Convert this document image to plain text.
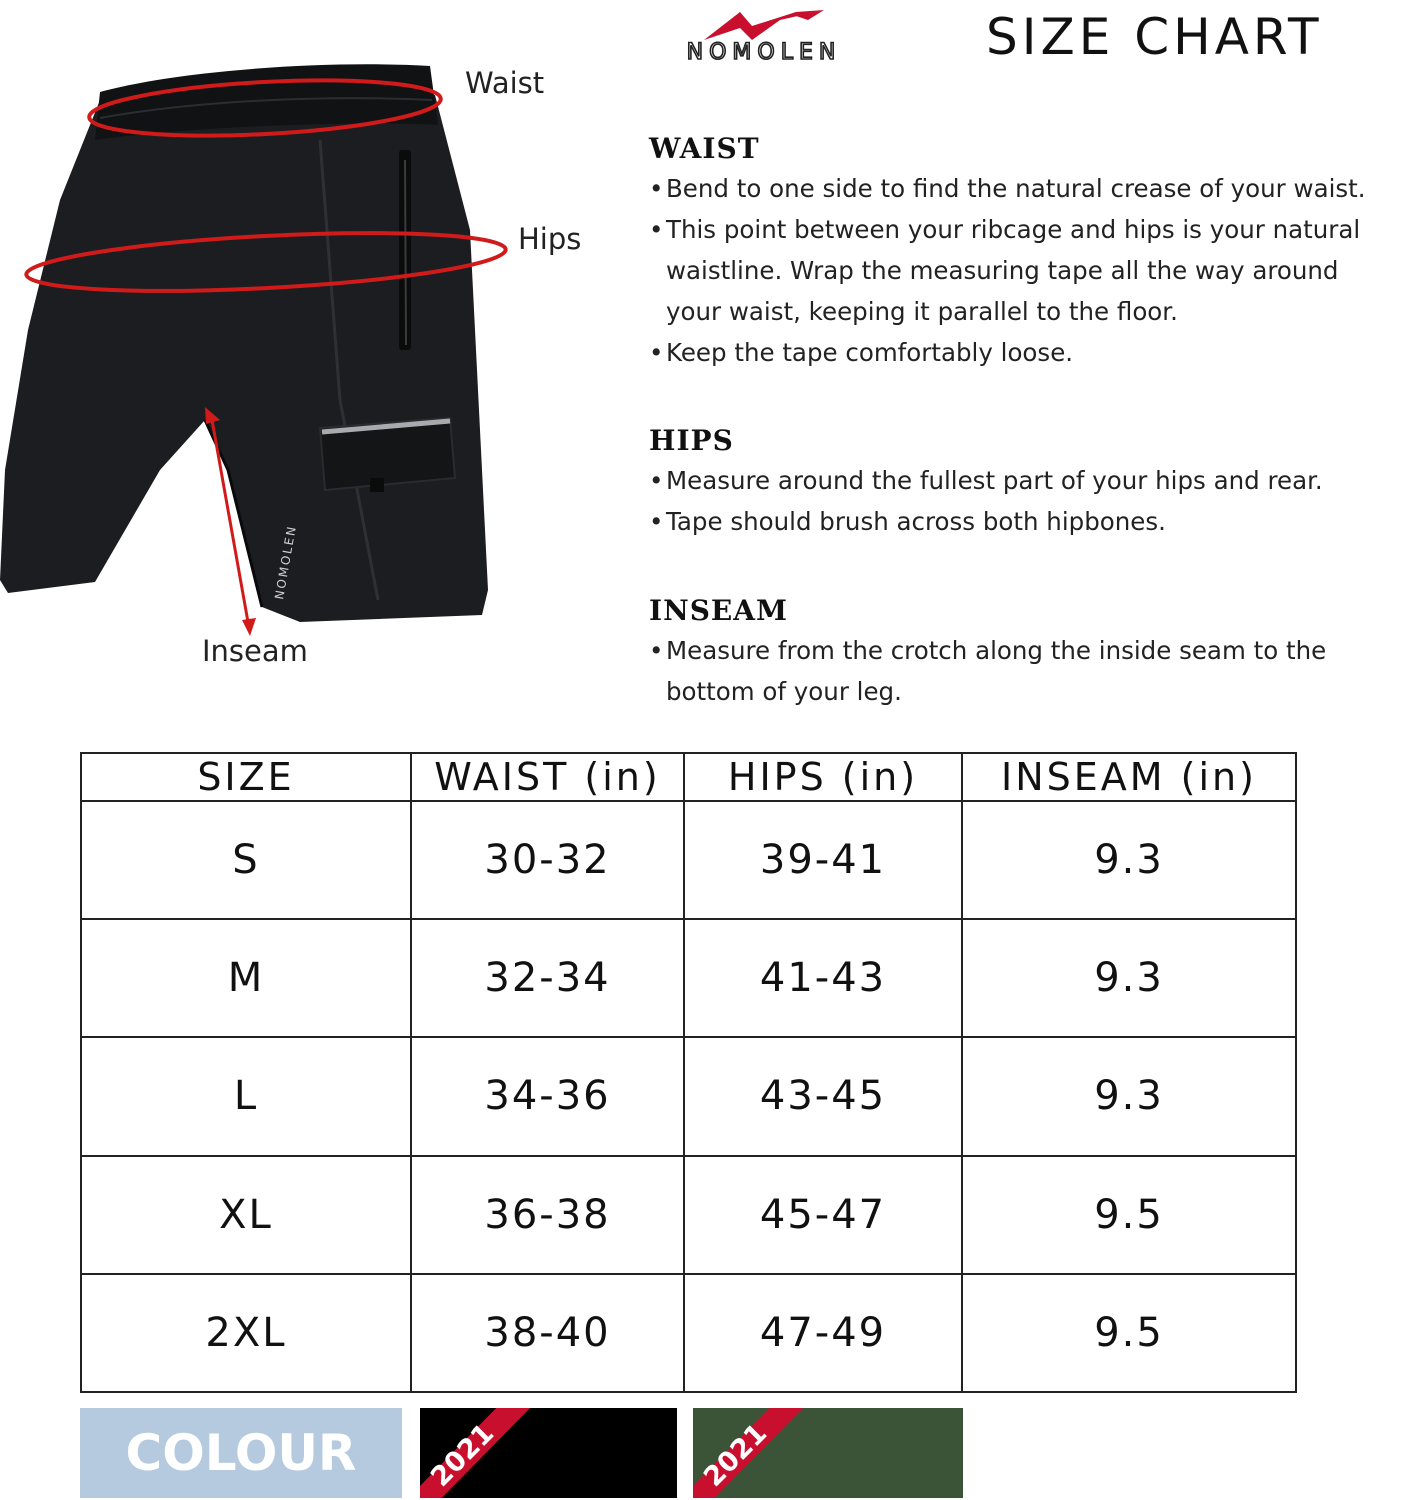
NOMOLEN
Waist
Hips
Inseam
NOMOLEN	SIZE CHART
WAIST
• Bend to one side to find the natural crease of your waist.
• This point between your ribcage and hips is your natural
waistline. Wrap the measuring tape all the way around
your waist, keeping it parallel to the floor.
• Keep the tape comfortably loose.
HIPS
• Measure around the fullest part of your hips and rear.
• Tape should brush across both hipbones.
INSEAM
• Measure from the crotch along the inside seam to the
bottom of your leg.
SIZE	WAIST (in)	HIPS (in)	INSEAM (in)
S	30-32	39-41	9.3
M	32-34	41-43	9.3
L	34-36	43-45	9.3
XL	36-38	45-47	9.5
2XL	38-40	47-49	9.5
COLOUR	2021	2021
